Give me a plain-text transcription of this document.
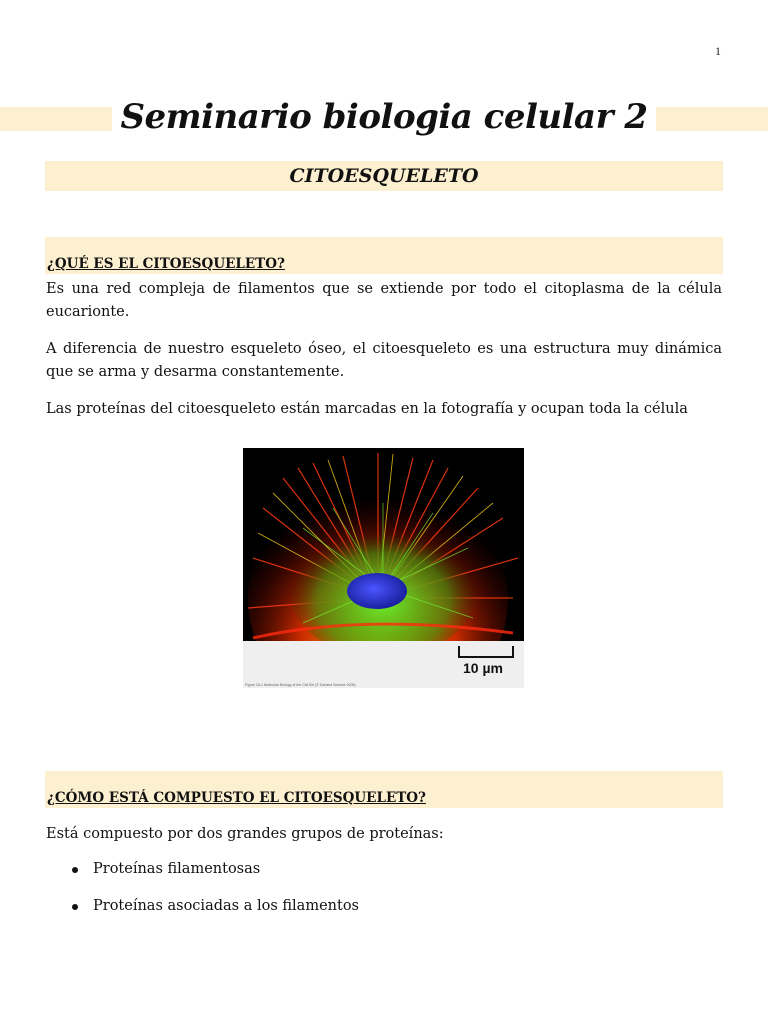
1
Seminario biologia celular 2
CITOESQUELETO
¿QUÉ ES EL CITOESQUELETO?

Es una red compleja de filamentos que se extiende por todo el citoplasma de la célula eucarionte.

A diferencia de nuestro esqueleto óseo, el citoesqueleto es una estructura muy dinámica que se arma y desarma constantemente.

Las proteínas del citoesqueleto están marcadas en la fotografía y ocupan toda la célula

10 µm
Figure 16-1 Molecular Biology of the Cell 5/e (© Garland Science 2008)
¿CÓMO ESTÁ COMPUESTO EL CITOESQUELETO?

Está compuesto por dos grandes grupos de proteínas:

Proteínas filamentosas
Proteínas asociadas a los filamentos
